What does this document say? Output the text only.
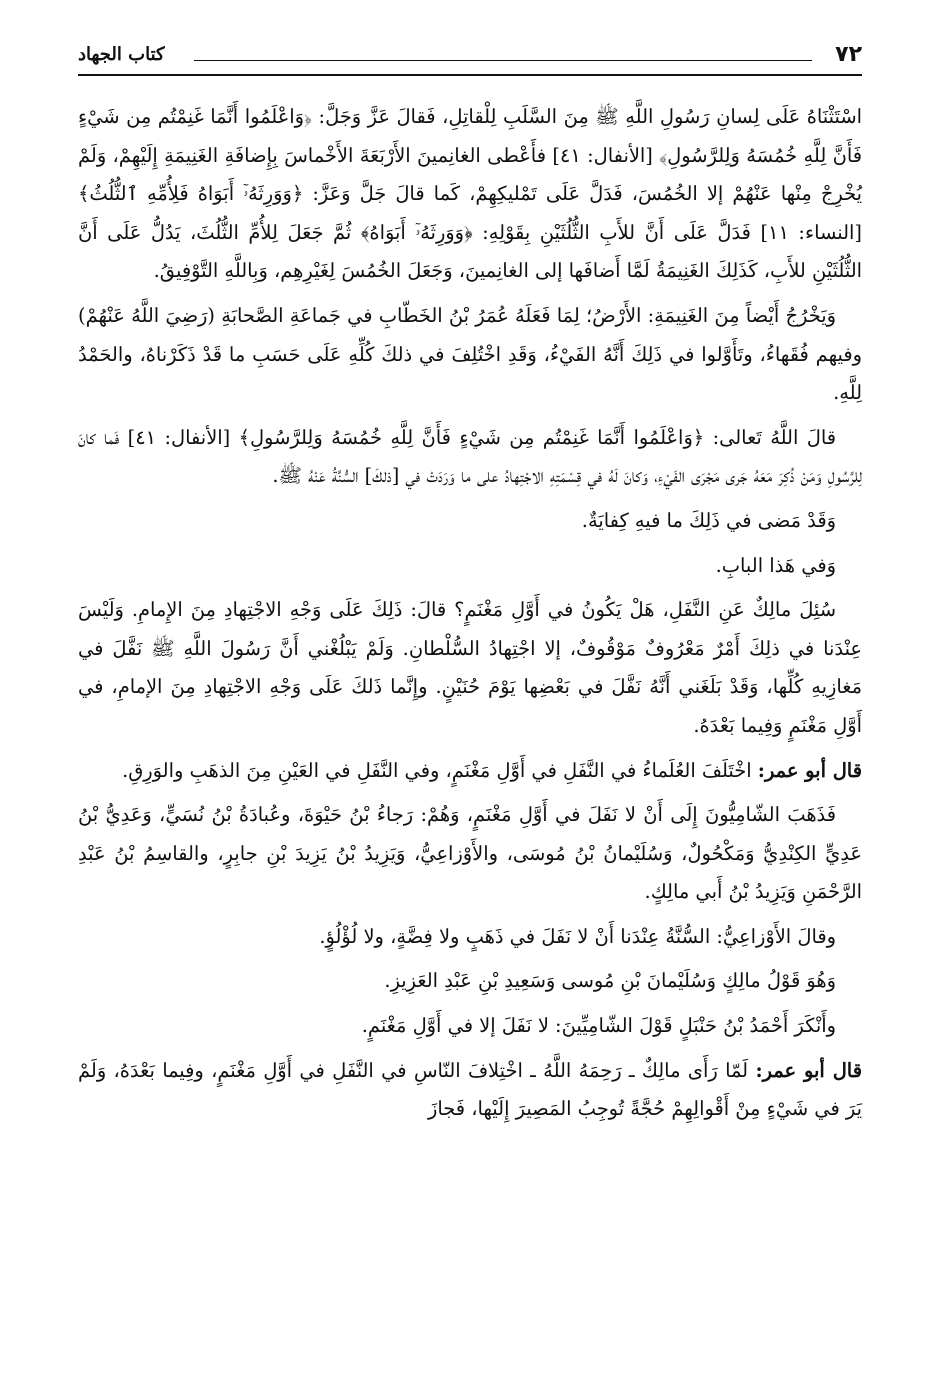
٧٢
كتاب الجهاد

اسْتَثْنَاهُ عَلَى لِسانِ رَسُولِ اللَّهِ ﷺ مِنَ السَّلَبِ لِلْقاتِلِ، فَقالَ عَزَّ وَجَلَّ: ﴿وَاعْلَمُوا أَنَّمَا غَنِمْتُم مِن شَيْءٍ فَأَنَّ لِلَّهِ خُمُسَهُ وَلِلرَّسُولِ﴾ [الأنفال: ٤١] فأَعْطى الغانِمينَ الأَرْبَعَةَ الأَخْماسَ بِإِضافَةِ الغَنِيمَةِ إِلَيْهِمْ، وَلَمْ يُخْرِجْ مِنْها عَنْهُمْ إلا الخُمُسَ، فَدَلَّ عَلَى تَمْليكِهِمْ، كَما قالَ جَلَّ وَعَزَّ: ﴿وَوَرِثَهُۥٓ أَبَوَاهُ فَلِأُمِّهِ ٱلثُّلُثُ﴾ [النساء: ١١] فَدَلَّ عَلَى أَنَّ للأَبِ الثُّلُثَيْنِ بِقَوْلِهِ: ﴿وَوَرِثَهُۥٓ أَبَوَاهُ﴾ ثُمَّ جَعَلَ لِلأُمِّ الثُّلُثَ، يَدُلُّ عَلَى أَنَّ الثُّلُثَيْنِ للأَبِ، كَذَلِكَ الغَنِيمَةُ لَمَّا أَضافَها إلى الغانِمينَ، وَجَعَلَ الخُمُسَ لِغَيْرِهِم، وَبِاللَّهِ التَّوْفِيقُ.

وَيَخْرُجُ أَيْضاً مِنَ الغَنِيمَةِ: الأَرْضُ؛ لِمَا فَعَلَهُ عُمَرُ بْنُ الخَطّابِ في جَماعَةِ الصَّحابَةِ (رَضِيَ اللَّهُ عَنْهُمْ) وفيهم فُقَهاءُ، وتَأَوَّلوا في ذَلِكَ أَنَّهُ الفَيْءُ، وَقَدِ اخْتُلِفَ في ذلكَ كُلِّهِ عَلَى حَسَبِ ما قَدْ ذَكَرْناهُ، والحَمْدُ لِلَّهِ.

قالَ اللَّهُ تَعالى: ﴿وَاعْلَمُوا أَنَّمَا غَنِمْتُم مِن شَيْءٍ فَأَنَّ لِلَّهِ خُمُسَهُ وَلِلرَّسُولِ﴾ [الأنفال: ٤١] فَما كانَ لِلرَّسُولِ وَمَنْ ذُكِرَ مَعَهُ جَرى مَجْرَى الفَيْءِ، وَكانَ لَهُ في قِسْمَتِهِ الاجْتِهادُ على ما وَرَدَتْ في [ذلكَ] السُّنَّةُ عَنْهُ ﷺ.

وَقَدْ مَضى في ذَلِكَ ما فيهِ كِفايَةٌ.

وَفي هَذا البابِ.

سُئِلَ مالِكٌ عَنِ النَّفَلِ، هَلْ يَكُونُ في أَوَّلِ مَغْنَمٍ؟ قالَ: ذَلِكَ عَلَى وَجْهِ الاجْتِهادِ مِنَ الإِمامِ. وَلَيْسَ عِنْدَنا في ذلِكَ أَمْرٌ مَعْرُوفٌ مَوْقُوفٌ، إلا اجْتِهادُ السُّلْطانِ. وَلَمْ يَبْلُغْني أَنَّ رَسُولَ اللَّهِ ﷺ نَفَّلَ في مَغازِيهِ كُلِّها، وَقَدْ بَلَغَني أَنَّهُ نَفَّلَ في بَعْضِها يَوْمَ حُنَيْنٍ. وإِنَّما ذَلكَ عَلَى وَجْهِ الاجْتِهادِ مِنَ الإمامِ، في أَوَّلِ مَغْنَمٍ وَفِيما بَعْدَهُ.

قال أبو عمر: اخْتَلَفَ العُلَماءُ في النَّفَلِ في أَوَّلِ مَغْنَمٍ، وفي النَّفَلِ في العَيْنِ مِنَ الذهَبِ والوَرِقِ.

فَذَهَبَ الشّامِيُّونَ إِلَى أَنْ لا نَفَلَ في أَوَّلِ مَغْنَمٍ، وَهُمْ: رَجاءُ بْنُ حَيْوَةَ، وعُبادَةُ بْنُ نُسَيٍّ، وَعَدِيُّ بْنُ عَدِيٍّ الكِنْدِيُّ وَمَكْحُولٌ، وَسُلَيْمانُ بْنُ مُوسَى، والأَوْزاعِيُّ، وَيَزِيدُ بْنُ يَزِيدَ بْنِ جابِرٍ، والقاسِمُ بْنُ عَبْدِ الرَّحْمَنِ وَيَزِيدُ بْنُ أَبي مالِكٍ.

وقالَ الأَوْزاعِيُّ: السُّنَّةُ عِنْدَنا أَنْ لا نَفَلَ في ذَهَبٍ ولا فِضَّةٍ، ولا لُؤْلُؤٍ.

وَهُوَ قَوْلُ مالِكٍ وَسُلَيْمانَ بْنِ مُوسى وَسَعِيدِ بْنِ عَبْدِ العَزِيزِ.

وأَنْكَرَ أَحْمَدُ بْنُ حَنْبَلٍ قَوْلَ الشّامِيِّينَ: لا نَفَلَ إلا في أَوَّلِ مَغْنَمٍ.

قال أبو عمر: لَمّا رَأَى مالِكٌ ـ رَحِمَهُ اللَّهُ ـ اخْتِلافَ النّاسِ في النَّفَلِ في أَوَّلِ مَغْنَمٍ، وفِيما بَعْدَهُ، وَلَمْ يَرَ في شَيْءٍ مِنْ أَقْوالِهِمْ حُجَّةً تُوجِبُ المَصِيرَ إِلَيْها، فَجازَ
